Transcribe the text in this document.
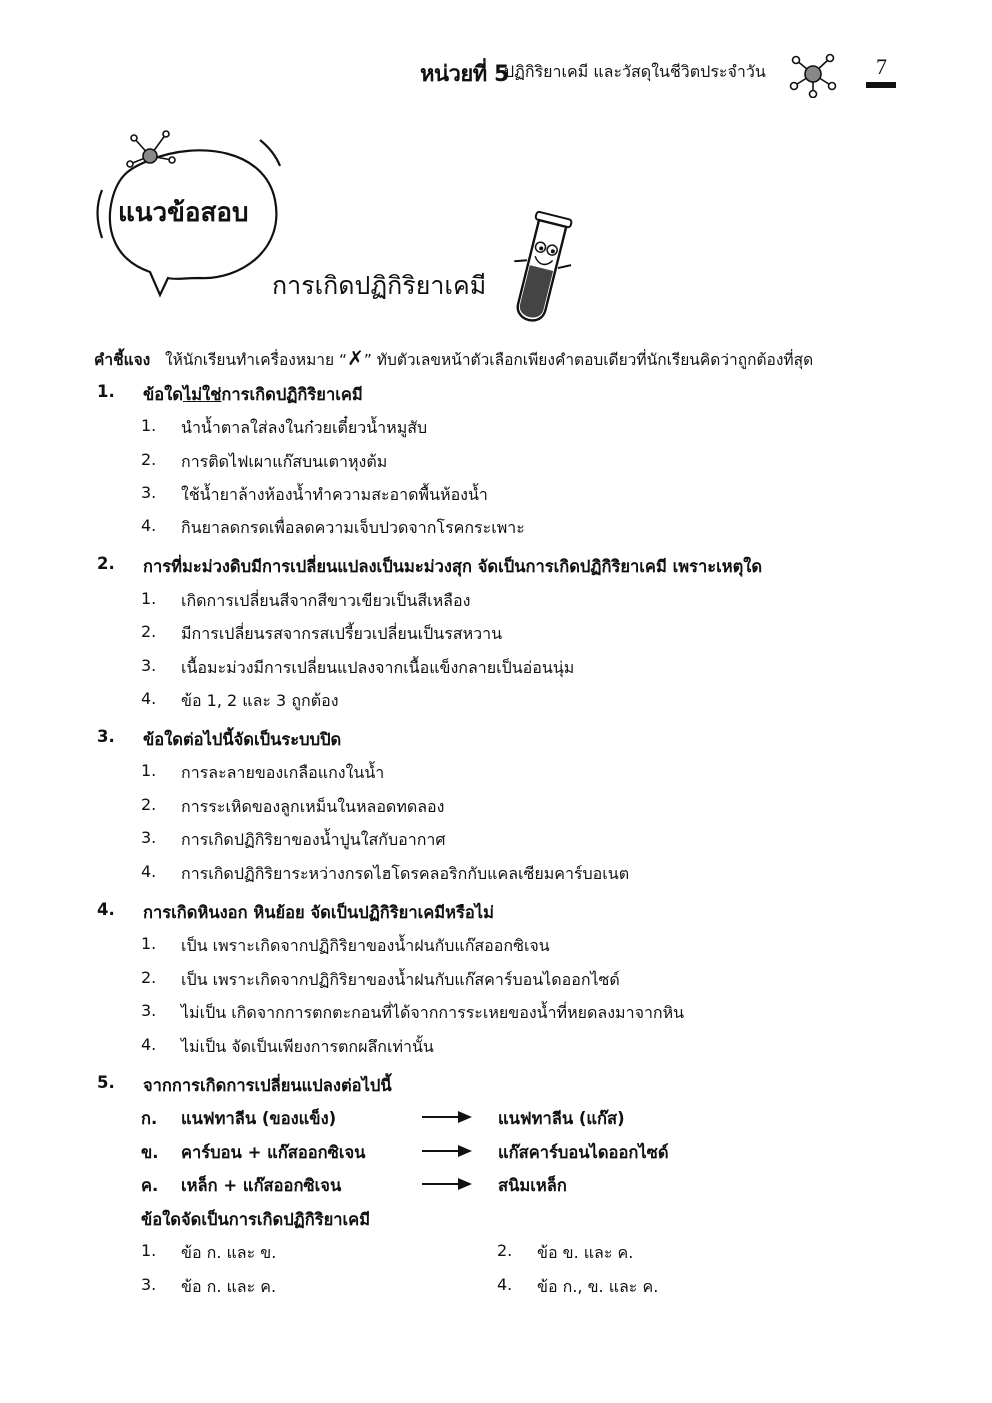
หน่วยที่ 5
ปฏิกิริยาเคมี และวัสดุในชีวิตประจำวัน	7
แนวข้อสอบ
การเกิดปฏิกิริยาเคมี
คำชี้แจง ให้นักเรียนทำเครื่องหมาย “✗” ทับตัวเลขหน้าตัวเลือกเพียงคำตอบเดียวที่นักเรียนคิดว่าถูกต้องที่สุด
1. ข้อใดไม่ใช่การเกิดปฏิกิริยาเคมี
1. นำน้ำตาลใส่ลงในก๋วยเตี๋ยวน้ำหมูสับ
2. การติดไฟเผาแก๊สบนเตาหุงต้ม
3. ใช้น้ำยาล้างห้องน้ำทำความสะอาดพื้นห้องน้ำ
4. กินยาลดกรดเพื่อลดความเจ็บปวดจากโรคกระเพาะ
2. การที่มะม่วงดิบมีการเปลี่ยนแปลงเป็นมะม่วงสุก จัดเป็นการเกิดปฏิกิริยาเคมี เพราะเหตุใด
1. เกิดการเปลี่ยนสีจากสีขาวเขียวเป็นสีเหลือง
2. มีการเปลี่ยนรสจากรสเปรี้ยวเปลี่ยนเป็นรสหวาน
3. เนื้อมะม่วงมีการเปลี่ยนแปลงจากเนื้อแข็งกลายเป็นอ่อนนุ่ม
4. ข้อ 1, 2 และ 3 ถูกต้อง
3. ข้อใดต่อไปนี้จัดเป็นระบบปิด
1. การละลายของเกลือแกงในน้ำ
2. การระเหิดของลูกเหม็นในหลอดทดลอง
3. การเกิดปฏิกิริยาของน้ำปูนใสกับอากาศ
4. การเกิดปฏิกิริยาระหว่างกรดไฮโดรคลอริกกับแคลเซียมคาร์บอเนต
4. การเกิดหินงอก หินย้อย จัดเป็นปฏิกิริยาเคมีหรือไม่
1. เป็น เพราะเกิดจากปฏิกิริยาของน้ำฝนกับแก๊สออกซิเจน
2. เป็น เพราะเกิดจากปฏิกิริยาของน้ำฝนกับแก๊สคาร์บอนไดออกไซด์
3. ไม่เป็น เกิดจากการตกตะกอนที่ได้จากการระเหยของน้ำที่หยดลงมาจากหิน
4. ไม่เป็น จัดเป็นเพียงการตกผลึกเท่านั้น
5. จากการเกิดการเปลี่ยนแปลงต่อไปนี้
ก. แนฟทาลีน (ของแข็ง)	แนฟทาลีน (แก๊ส)
ข. คาร์บอน + แก๊สออกซิเจน	แก๊สคาร์บอนไดออกไซด์
ค. เหล็ก + แก๊สออกซิเจน	สนิมเหล็ก
ข้อใดจัดเป็นการเกิดปฏิกิริยาเคมี
1. ข้อ ก. และ ข.	2. ข้อ ข. และ ค.
3. ข้อ ก. และ ค.	4. ข้อ ก., ข. และ ค.
